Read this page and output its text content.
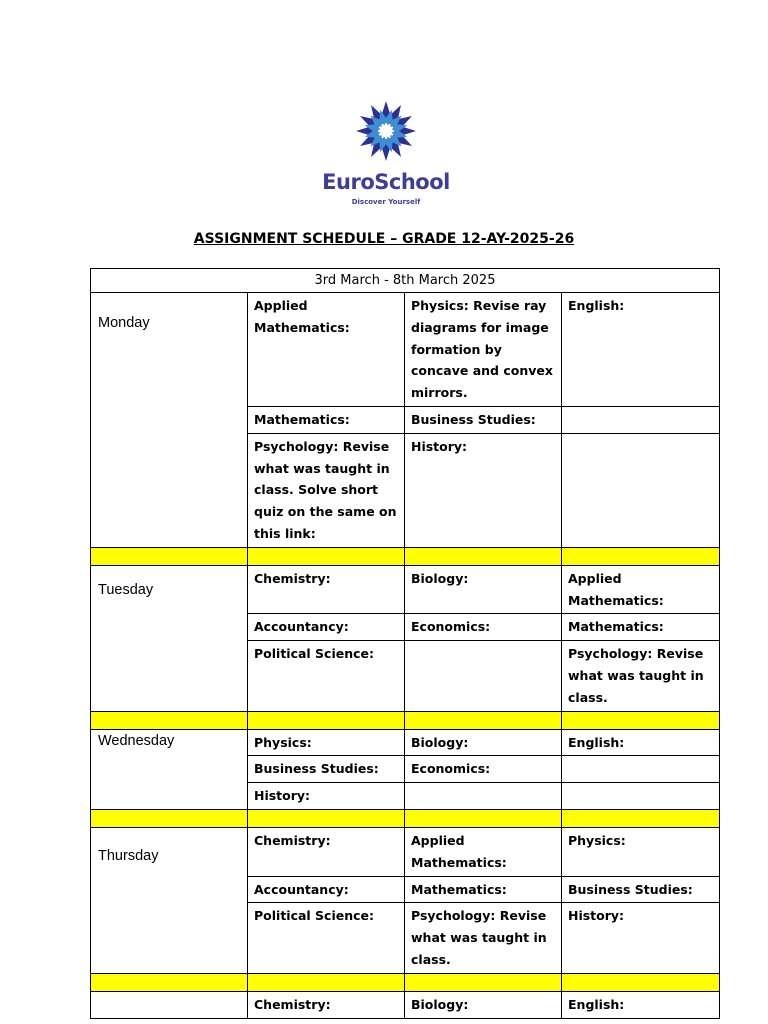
EuroSchool
Discover Yourself
ASSIGNMENT SCHEDULE – GRADE 12-AY-2025-26
3rd March - 8th March 2025			
Monday	Applied Mathematics:	Physics: Revise ray diagrams for image formation by concave and convex mirrors.	English:
	Mathematics:	Business Studies:	
	Psychology: Revise what was taught in class. Solve short quiz on the same on this link:	History:	

Tuesday	Chemistry:	Biology:	Applied Mathematics:
	Accountancy:	Economics:	Mathematics:
	Political Science:		Psychology: Revise what was taught in class.

Wednesday	Physics:	Biology:	English:
	Business Studies:	Economics:	
	History:		

Thursday	Chemistry:	Applied Mathematics:	Physics:
	Accountancy:	Mathematics:	Business Studies:
	Political Science:	Psychology: Revise what was taught in class.	History:

	Chemistry:	Biology:	English:
